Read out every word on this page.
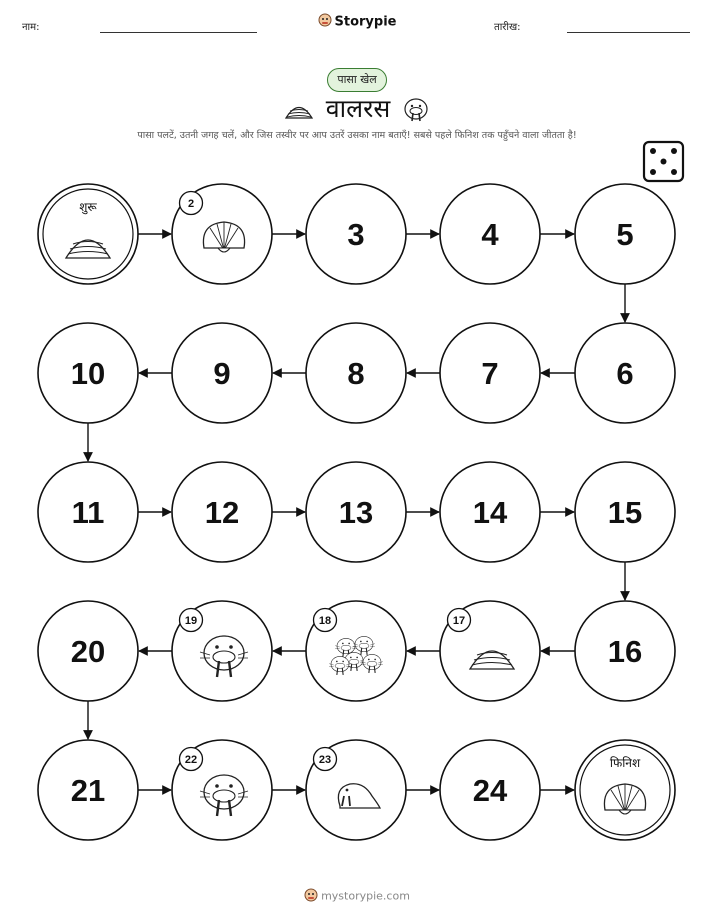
नाम:	तारीख:
Storypie
पासा खेल
वालरस
पासा पलटें, उतनी जगह चलें, और जिस तस्वीर पर आप उतरें उसका नाम बताएँ! सबसे पहले फिनिश तक पहुँचने वाला जीतता है!
शुरू	2
3	4	5
6
7
8
9
10
11	12	13	14	15
16
17
18
19
20
21
22	23
24
फिनिश
mystorypie.com
